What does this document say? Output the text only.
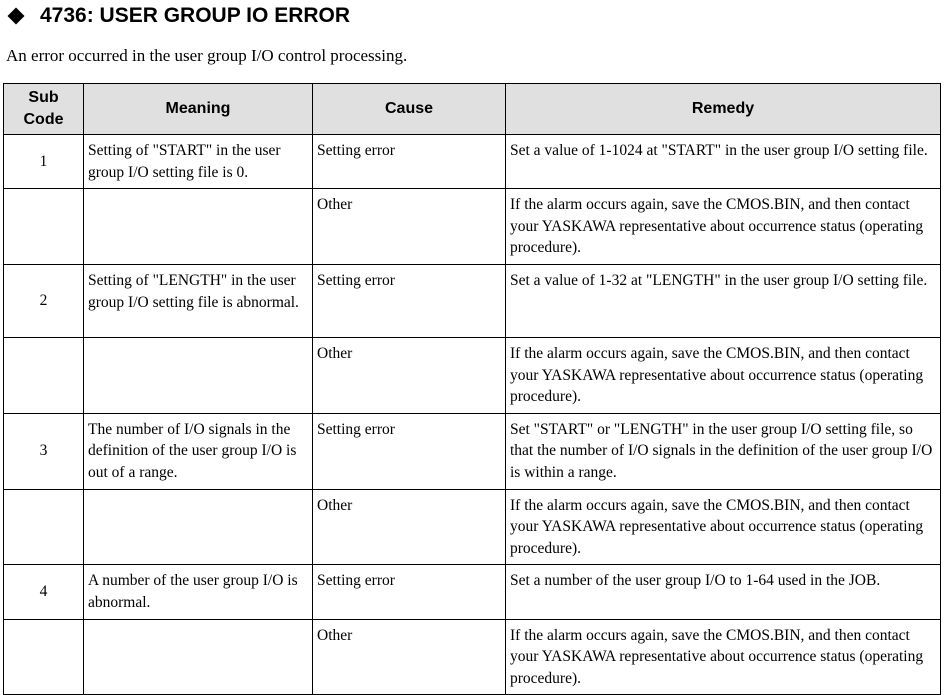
4736: USER GROUP IO ERROR
An error occurred in the user group I/O control processing.
Sub
Code	Meaning	Cause	Remedy
1	Setting of "START" in the user group I/O setting file is 0.	Setting error	Set a value of 1-1024 at "START" in the user group I/O setting file.
		Other	If the alarm occurs again, save the CMOS.BIN, and then contact your YASKAWA representative about occurrence status (operating procedure).
2	Setting of "LENGTH" in the user group I/O setting file is abnormal.	Setting error	Set a value of 1-32 at "LENGTH" in the user group I/O setting file.
		Other	If the alarm occurs again, save the CMOS.BIN, and then contact your YASKAWA representative about occurrence status (operating procedure).
3	The number of I/O signals in the definition of the user group I/O is out of a range.	Setting error	Set "START" or "LENGTH" in the user group I/O setting file, so that the number of I/O signals in the definition of the user group I/O is within a range.
		Other	If the alarm occurs again, save the CMOS.BIN, and then contact your YASKAWA representative about occurrence status (operating procedure).
4	A number of the user group I/O is abnormal.	Setting error	Set a number of the user group I/O to 1-64 used in the JOB.
		Other	If the alarm occurs again, save the CMOS.BIN, and then contact your YASKAWA representative about occurrence status (operating procedure).
